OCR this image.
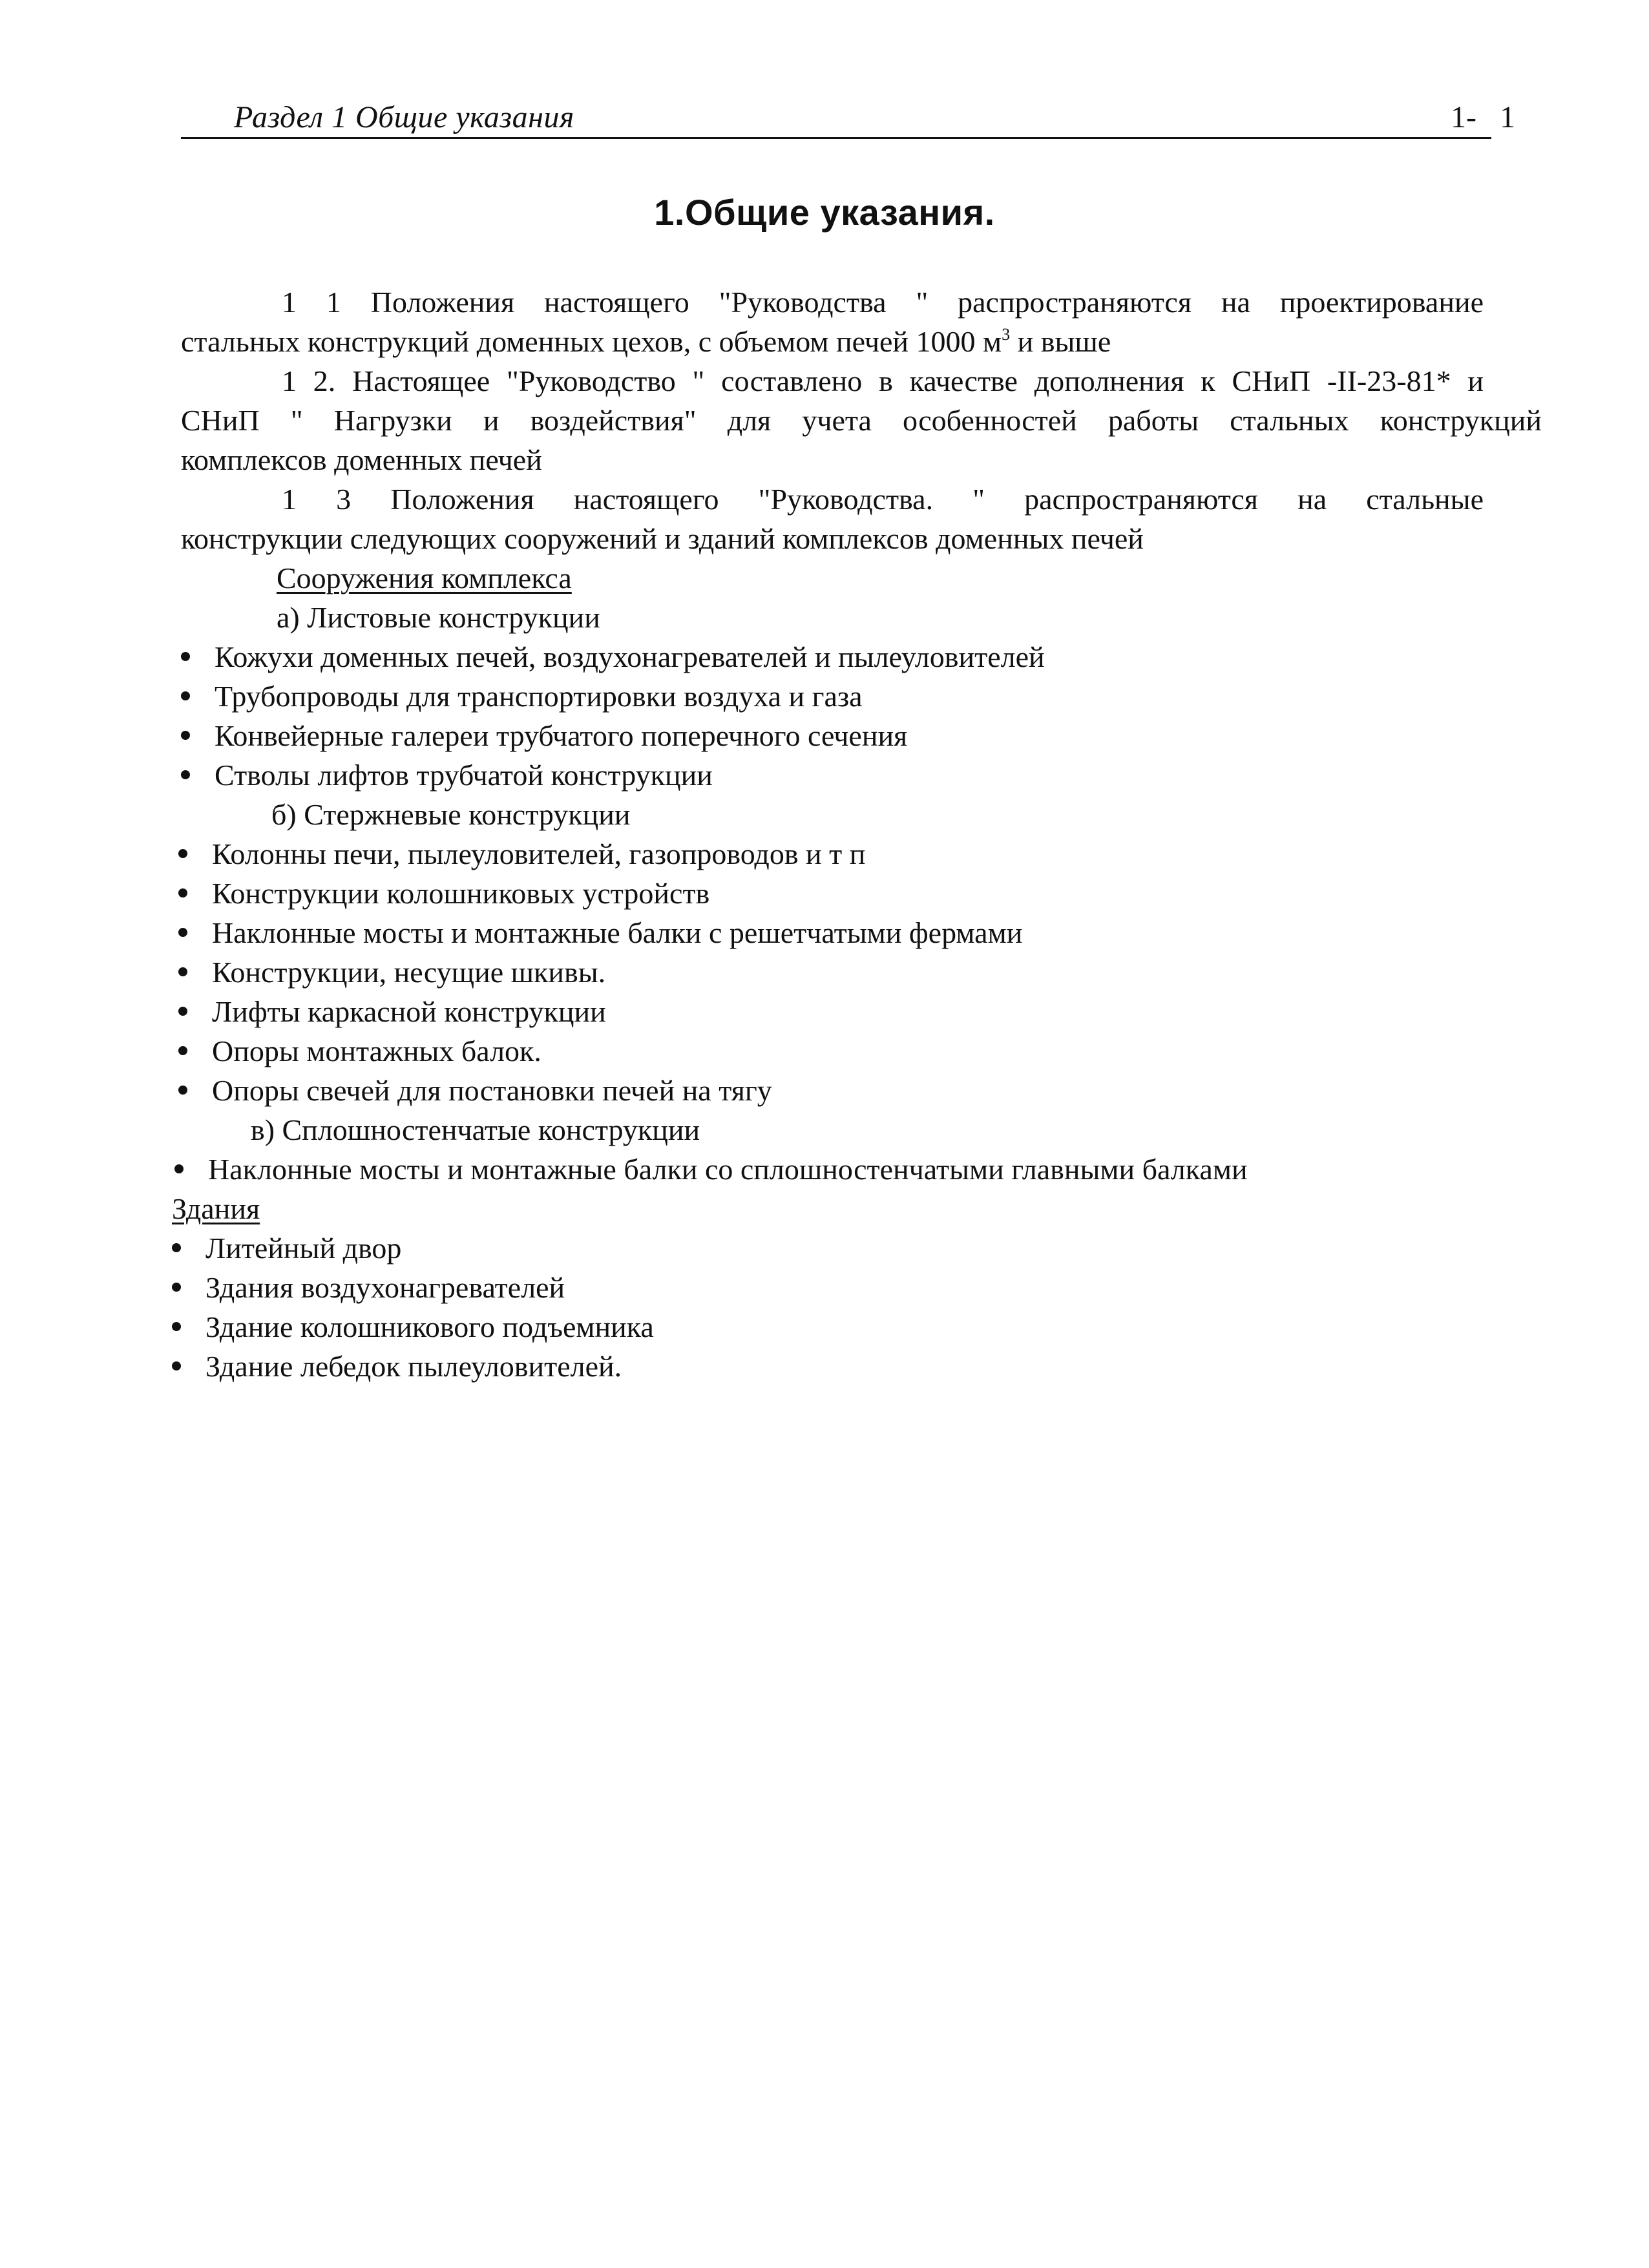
Раздел 1 Общие указания	1-   1
1.Общие указания.
1 1 Положения настоящего "Руководства " распространяются на проектирование
стальных конструкций доменных цехов, с объемом печей 1000 $м^3$ и выше
1 2. Настоящее "Руководство " составлено в качестве дополнения к СНиП -II-23-81* и
СНиП " Нагрузки и воздействия" для учета особенностей работы стальных конструкций
комплексов доменных печей
1 3 Положения настоящего "Руководства. " распространяются на стальные
конструкции следующих сооружений и зданий комплексов доменных печей
Сооружения комплекса
а) Листовые конструкции
Кожухи доменных печей, воздухонагревателей и пылеуловителей
Трубопроводы для транспортировки воздуха и газа
Конвейерные галереи трубчатого поперечного сечения
Стволы лифтов трубчатой конструкции
б) Стержневые конструкции
Колонны печи, пылеуловителей, газопроводов и т п
Конструкции колошниковых устройств
Наклонные мосты и монтажные балки с решетчатыми фермами
Конструкции, несущие шкивы.
Лифты каркасной конструкции
Опоры монтажных балок.
Опоры свечей для постановки печей на тягу
в) Сплошностенчатые конструкции
Наклонные мосты и монтажные балки со сплошностенчатыми главными балками
Здания
Литейный двор
Здания воздухонагревателей
Здание колошникового подъемника
Здание лебедок пылеуловителей.
